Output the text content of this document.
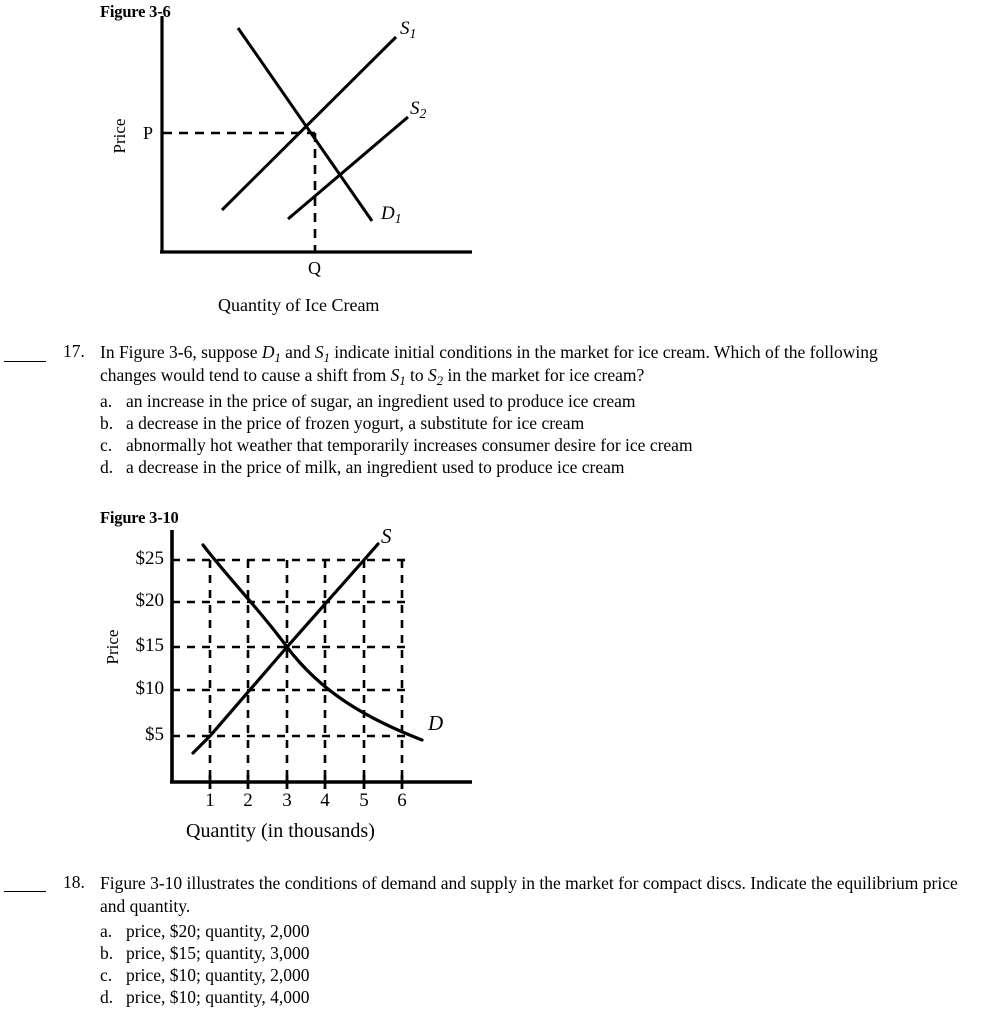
Figure 3-6
Price P
Q
$S_1$
$S_2$
$D_1$
Quantity of Ice Cream
17. In Figure 3-6, suppose $D_1$ and $S_1$ indicate initial conditions in the market for ice cream. Which of the following changes would tend to cause a shift from $S_1$ to $S_2$ in the market for ice cream?
a. an increase in the price of sugar, an ingredient used to produce ice cream
b. a decrease in the price of frozen yogurt, a substitute for ice cream
c. abnormally hot weather that temporarily increases consumer desire for ice cream
d. a decrease in the price of milk, an ingredient used to produce ice cream
Figure 3-10
Price
$25
$20
$15
$10
$5
1	2	3	4	5	6
S
D
Quantity (in thousands)
18. Figure 3-10 illustrates the conditions of demand and supply in the market for compact discs. Indicate the equilibrium price and quantity.
a. price, $20; quantity, 2,000
b. price, $15; quantity, 3,000
c. price, $10; quantity, 2,000
d. price, $10; quantity, 4,000
